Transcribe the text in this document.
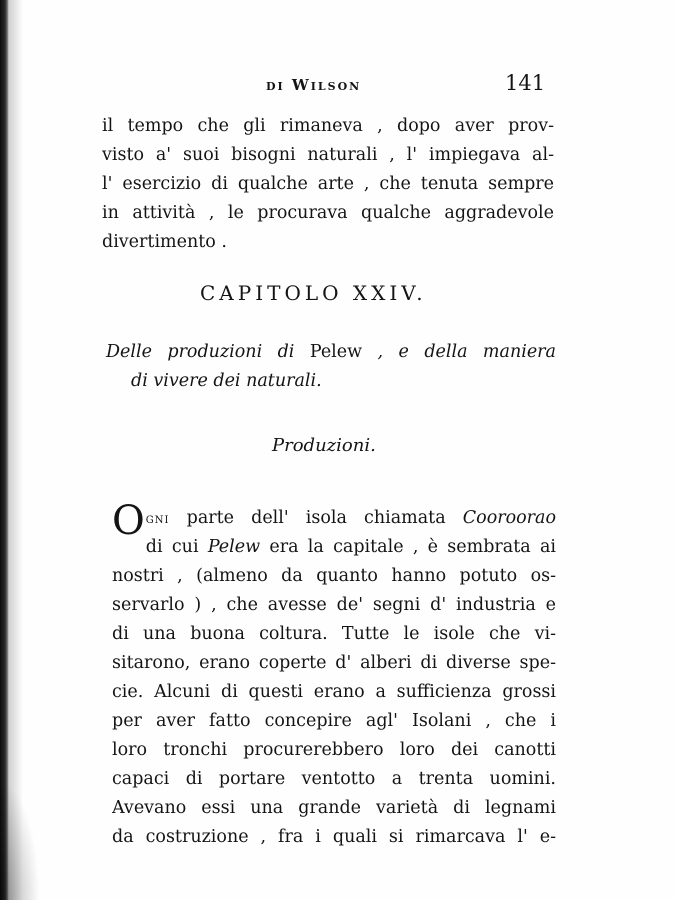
di Wilson	141
il tempo che gli rimaneva , dopo aver prov-
visto a' suoi bisogni naturali , l' impiegava al-
l' esercizio di qualche arte , che tenuta sempre
in attività , le procurava qualche aggradevole
divertimento .
CAPITOLO XXIV.
Delle produzioni di Pelew , e della maniera
di vivere dei naturali.
Produzioni.
O gni parte dell' isola chiamata Cooroorao
di cui Pelew era la capitale , è sembrata ai
nostri , (almeno da quanto hanno potuto os-
servarlo ) , che avesse de' segni d' industria e
di una buona coltura. Tutte le isole che vi-
sitarono, erano coperte d' alberi di diverse spe-
cie. Alcuni di questi erano a sufficienza grossi
per aver fatto concepire agl' Isolani , che i
loro tronchi procurerebbero loro dei canotti
capaci di portare ventotto a trenta uomini.
Avevano essi una grande varietà di legnami
da costruzione , fra i quali si rimarcava l' e-
